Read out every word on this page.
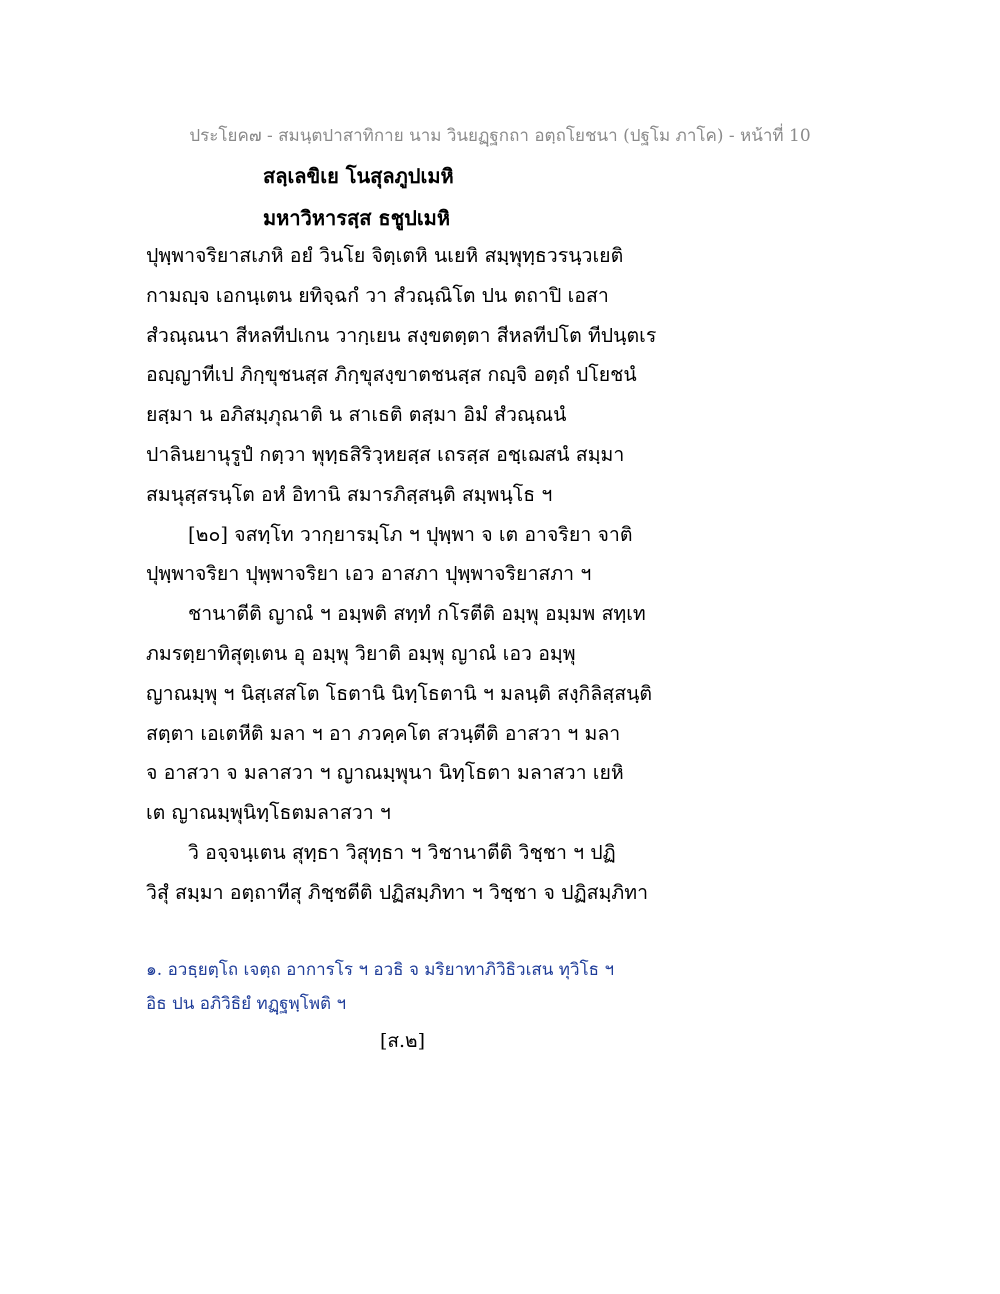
ประโยค๗ - สมนฺตปาสาทิกาย นาม วินยฏฺฐกถา อตฺถโยชนา (ปฐโม ภาโค) - หน้าที่ 10
สลฺเลขิเย โนสุลภูปเมหิ
มหาวิหารสฺส ธชูปเมหิ
ปุพฺพาจริยาสเภหิ อยํ วินโย จิตฺเตหิ นเยหิ สมฺพุทฺธวรนฺวเยติ
กามญฺจ เอกนฺเตน ยทิจฺฉกํ วา สํวณฺณิโต ปน ตถาปิ เอสา
สํวณฺณนา สีหลทีปเกน วากฺเยน สงฺขตตฺตา สีหลทีปโต ทีปนฺตเร
อญฺญาทีเป ภิกฺขุชนสฺส ภิกฺขุสงฺขาตชนสฺส กญฺจิ อตฺถํ ปโยชนํ
ยสฺมา น อภิสมฺภุณาติ น สาเธติ ตสฺมา อิมํ สํวณฺณนํ
ปาลินยานุรูปํ กตฺวา พุทฺธสิริวฺหยสฺส เถรสฺส อชฺเฌสนํ สมฺมา
สมนุสฺสรนฺโต อหํ อิทานิ สมารภิสฺสนฺติ สมฺพนฺโธ ฯ
[๒๐] จสทฺโท วากฺยารมฺโภ ฯ ปุพฺพา จ เต อาจริยา จาติ
ปุพฺพาจริยา ปุพฺพาจริยา เอว อาสภา ปุพฺพาจริยาสภา ฯ
ชานาตีติ ญาณํ ฯ อมฺพติ สทฺทํ กโรตีติ อมฺพุ อมฺมพ สทฺเท
ภมรตฺยาทิสุตฺเตน อุ อมฺพุ วิยาติ อมฺพุ ญาณํ เอว อมฺพุ
ญาณมฺพุ ฯ นิสฺเสสโต โธตานิ นิทฺโธตานิ ฯ มลนฺติ สงฺกิลิสฺสนฺติ
สตฺตา เอเตหีติ มลา ฯ อา ภวคฺคโต สวนฺตีติ อาสวา ฯ มลา
จ อาสวา จ มลาสวา ฯ ญาณมฺพุนา นิทฺโธตา มลาสวา เยหิ
เต ญาณมฺพุนิทฺโธตมลาสวา ฯ
วิ อจฺจนฺเตน สุทฺธา วิสุทฺธา ฯ วิชานาตีติ วิชฺชา ฯ ปฏิ
วิสุํ สมฺมา อตฺถาทีสุ ภิชฺชตีติ ปฏิสมฺภิทา ฯ วิชฺชา จ ปฏิสมฺภิทา
๑. อวธฺยตฺโถ เจตฺถ อาการโร ฯ อวธิ จ มริยาทาภิวิธิวเสน ทุวิโธ ฯ
อิธ ปน อภิวิธิยํ ทฏฺฐพฺโพติ ฯ
[ส.๒]
